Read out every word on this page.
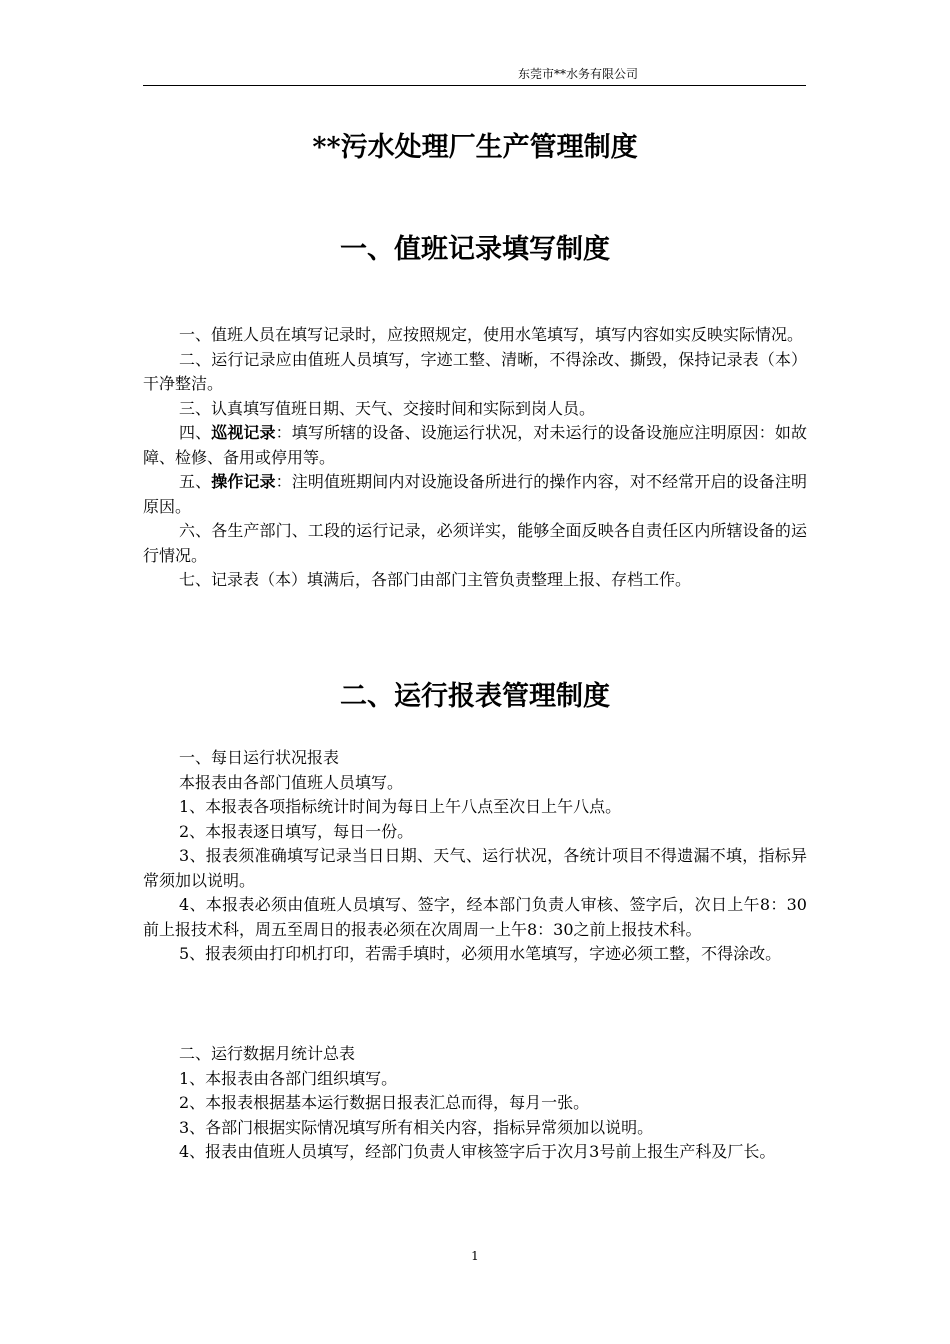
东莞市**水务有限公司
**污水处理厂生产管理制度
一、值班记录填写制度

一、值班人员在填写记录时，应按照规定，使用水笔填写，填写内容如实反映实际情况。

二、运行记录应由值班人员填写，字迹工整、清晰，不得涂改、撕毁，保持记录表（本）干净整洁。

三、认真填写值班日期、天气、交接时间和实际到岗人员。

四、巡视记录：填写所辖的设备、设施运行状况，对未运行的设备设施应注明原因：如故障、检修、备用或停用等。

五、操作记录：注明值班期间内对设施设备所进行的操作内容，对不经常开启的设备注明原因。

六、各生产部门、工段的运行记录，必须详实，能够全面反映各自责任区内所辖设备的运行情况。

七、记录表（本）填满后，各部门由部门主管负责整理上报、存档工作。

二、运行报表管理制度

一、每日运行状况报表

本报表由各部门值班人员填写。

1、本报表各项指标统计时间为每日上午八点至次日上午八点。

2、本报表逐日填写，每日一份。

3、报表须准确填写记录当日日期、天气、运行状况，各统计项目不得遗漏不填，指标异常须加以说明。

4、本报表必须由值班人员填写、签字，经本部门负责人审核、签字后，次日上午8：30前上报技术科，周五至周日的报表必须在次周周一上午8：30之前上报技术科。

5、报表须由打印机打印，若需手填时，必须用水笔填写，字迹必须工整，不得涂改。

二、运行数据月统计总表

1、本报表由各部门组织填写。

2、本报表根据基本运行数据日报表汇总而得，每月一张。

3、各部门根据实际情况填写所有相关内容，指标异常须加以说明。

4、报表由值班人员填写，经部门负责人审核签字后于次月3号前上报生产科及厂长。

1
